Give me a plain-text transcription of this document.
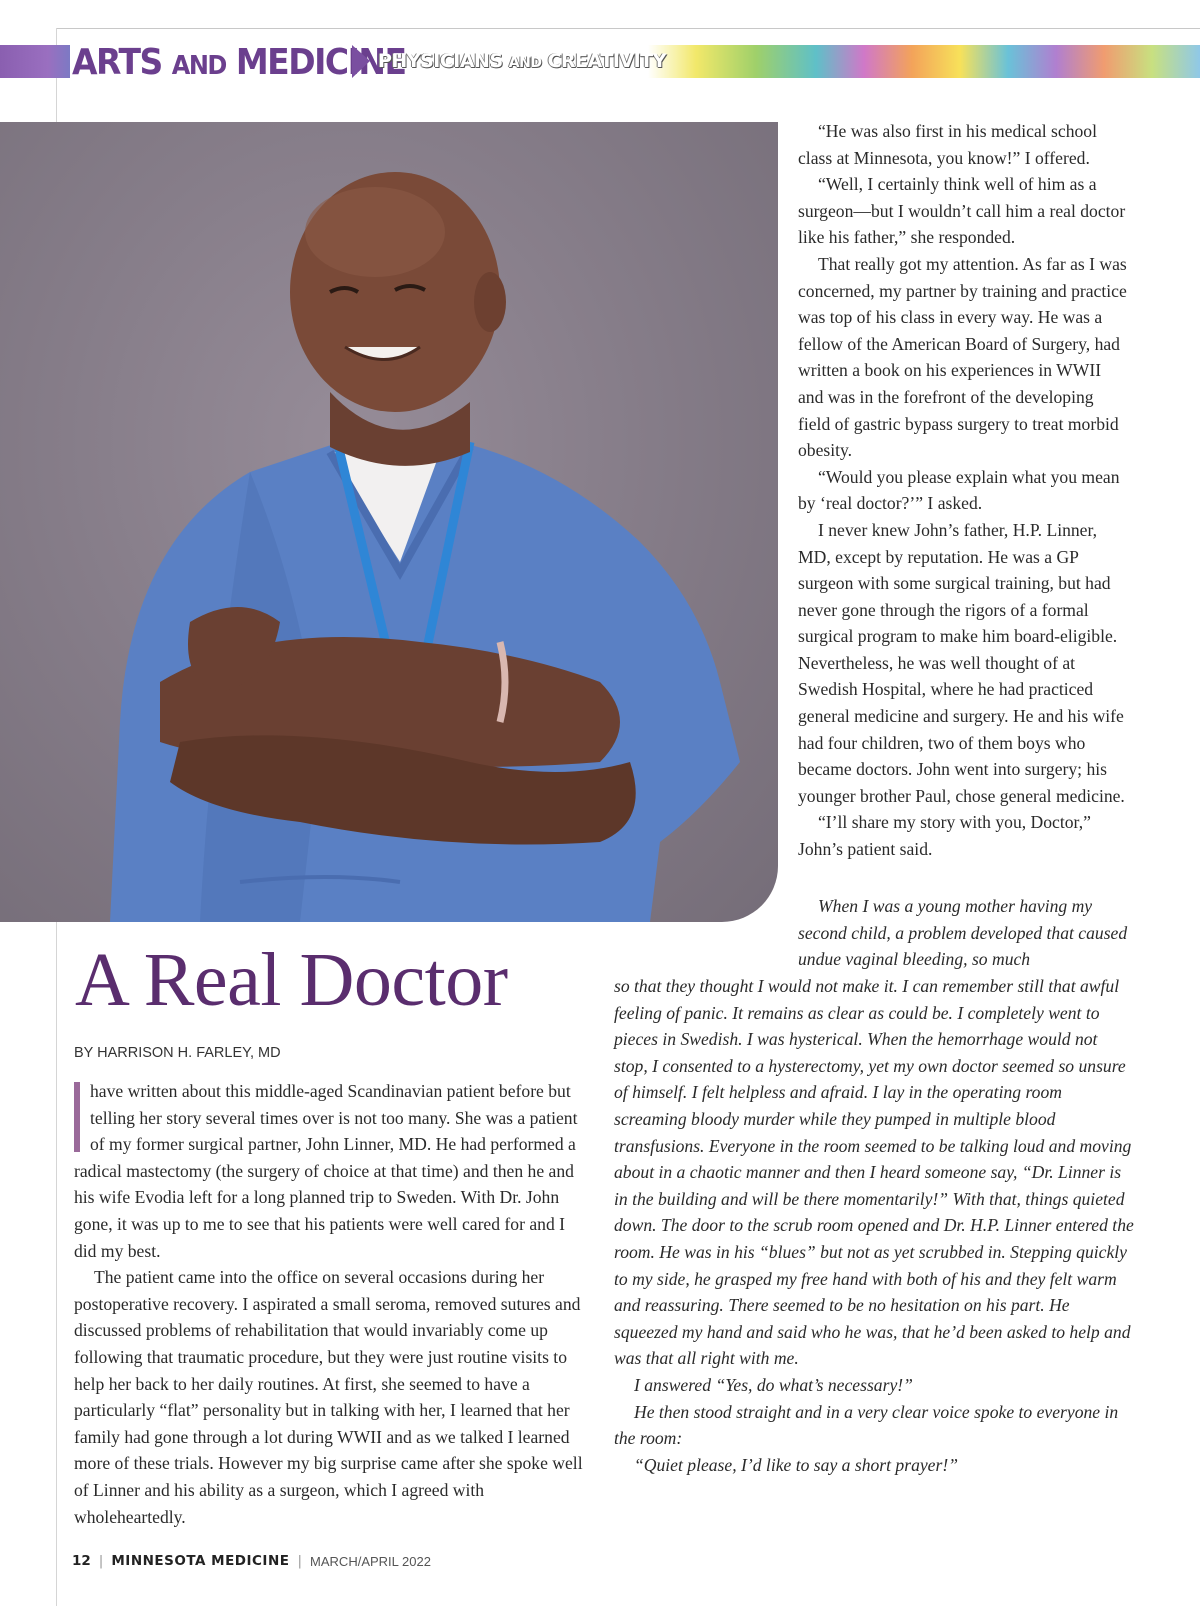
ARTS AND MEDICINE
PHYSICIANS AND CREATIVITY
A Real Doctor
BY HARRISON H. FARLEY, MD

have written about this middle-aged Scandinavian patient before but telling her story several times over is not too many. She was a patient of my former surgical partner, John Linner, MD. He had performed a radical mastectomy (the surgery of choice at that time) and then he and his wife Evodia left for a long planned trip to Sweden. With Dr. John gone, it was up to me to see that his patients were well cared for and I did my best.

The patient came into the office on several occasions during her postoperative recovery. I aspirated a small seroma, removed sutures and discussed problems of rehabilitation that would invariably come up following that traumatic procedure, but they were just routine visits to help her back to her daily routines. At first, she seemed to have a particularly “flat” personality but in talking with her, I learned that her family had gone through a lot during WWII and as we talked I learned more of these trials. However my big surprise came after she spoke well of Linner and his ability as a surgeon, which I agreed with wholeheartedly.

“He was also first in his medical school class at Minnesota, you know!” I offered.

“Well, I certainly think well of him as a surgeon—but I wouldn’t call him a real doctor like his father,” she responded.

That really got my attention. As far as I was concerned, my partner by training and practice was top of his class in every way. He was a fellow of the American Board of Surgery, had written a book on his experiences in WWII and was in the forefront of the developing field of gastric bypass surgery to treat morbid obesity.

“Would you please explain what you mean by ‘real doctor?’” I asked.

I never knew John’s father, H.P. Linner, MD, except by reputation. He was a GP surgeon with some surgical training, but had never gone through the rigors of a formal surgical program to make him board-eligible. Nevertheless, he was well thought of at Swedish Hospital, where he had practiced general medicine and surgery. He and his wife had four children, two of them boys who became doctors. John went into surgery; his younger brother Paul, chose general medicine.

“I’ll share my story with you, Doctor,” John’s patient said.

When I was a young mother having my second child, a problem developed that caused undue vaginal bleeding, so much

so that they thought I would not make it. I can remember still that awful feeling of panic. It remains as clear as could be. I completely went to pieces in Swedish. I was hysterical. When the hemorrhage would not stop, I consented to a hysterectomy, yet my own doctor seemed so unsure of himself. I felt helpless and afraid. I lay in the operating room screaming bloody murder while they pumped in multiple blood transfusions. Everyone in the room seemed to be talking loud and moving about in a chaotic manner and then I heard someone say, “Dr. Linner is in the building and will be there momentarily!” With that, things quieted down. The door to the scrub room opened and Dr. H.P. Linner entered the room. He was in his “blues” but not as yet scrubbed in. Stepping quickly to my side, he grasped my free hand with both of his and they felt warm and reassuring. There seemed to be no hesitation on his part. He squeezed my hand and said who he was, that he’d been asked to help and was that all right with me.

I answered “Yes, do what’s necessary!”

He then stood straight and in a very clear voice spoke to everyone in the room:

“Quiet please, I’d like to say a short prayer!”

12 | MINNESOTA MEDICINE | MARCH/APRIL 2022
